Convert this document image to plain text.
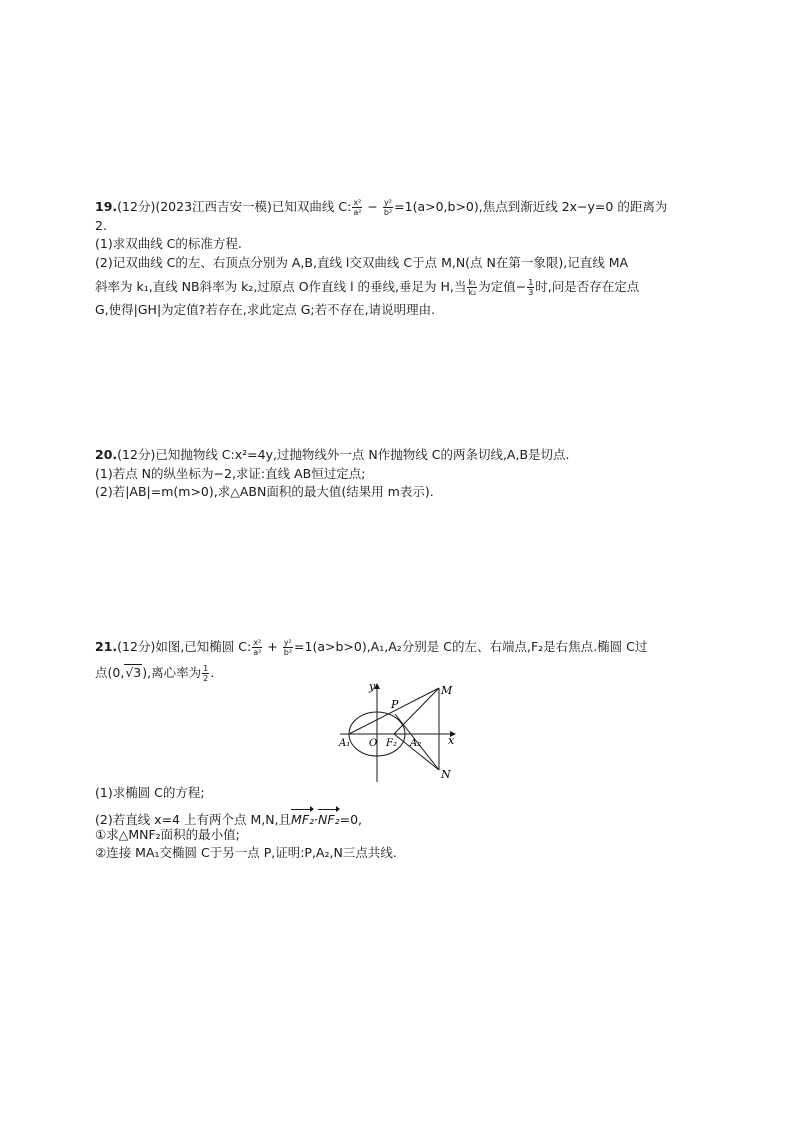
19.(12分)(2023江西吉安一模)已知双曲线 C: $\frac{\text{x²}}{\text{a²}} - \frac{\text{y²}}{\text{b²}} =1(a>0,b>0)$,焦点到渐近线 2x−y=0 的距离为
2.
(1)求双曲线 C的标准方程.
(2)记双曲线 C的左、右顶点分别为 A,B,直线 l交双曲线 C于点 M,N(点 N在第一象限),记直线 MA
斜率为 k₁,直线 NB斜率为 k₂,过原点 O作直线 l 的垂线,垂足为 H,当 $\frac{\text{k₁}}{\text{k₂}}$ 为定值− $\frac{1}{3}$ 时,问是否存在定点
G,使得|GH|为定值?若存在,求此定点 G;若不存在,请说明理由.
20.(12分)已知抛物线 C:x²=4y,过抛物线外一点 N作抛物线 C的两条切线,A,B是切点.
(1)若点 N的纵坐标为−2,求证:直线 AB恒过定点;
(2)若|AB|=m(m>0),求△ABN面积的最大值(结果用 m表示).
21.(12分)如图,已知椭圆 C: $\frac{\text{x²}}{\text{a²}} + \frac{\text{y²}}{\text{b²}} =1(a>b>0),A_1,A_2$分别是 C的左、右端点,F₂是右焦点.椭圆 C过
点(0,√3),离心率为 $\frac{1}{2}$ .
y
x
P
M
N
A₁ O F₂ A₂
(1)求椭圆 C的方程;
(2)若直线 x=4 上有两个点 M,N,且MF₂·NF₂=0,
①求△MNF₂面积的最小值;
②连接 MA₁交椭圆 C于另一点 P,证明:P,A₂,N三点共线.
